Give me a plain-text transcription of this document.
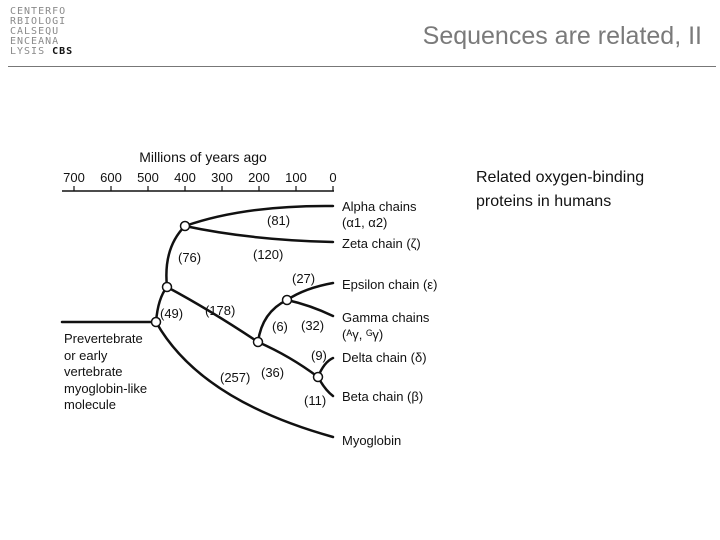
CENTERFO
RBIOLOGI
CALSEQU
ENCEANA
LYSIS CBS
Sequences are related, II
Millions of years ago
700 600 500 400 300 200 100 0
(81)
(120)
(76)
(27)
(178)
(49)
(6) (32)
(9)
(36)
(257)
(11)
Alpha chains
(α1, α2)
Zeta chain (ζ)
Epsilon chain (ε)
Gamma chains
(ᴬγ, ᴳγ)
Delta chain (δ)
Beta chain (β)
Myoglobin
Prevertebrate
or early
vertebrate
myoglobin-like
molecule
Related oxygen-binding proteins in humans
